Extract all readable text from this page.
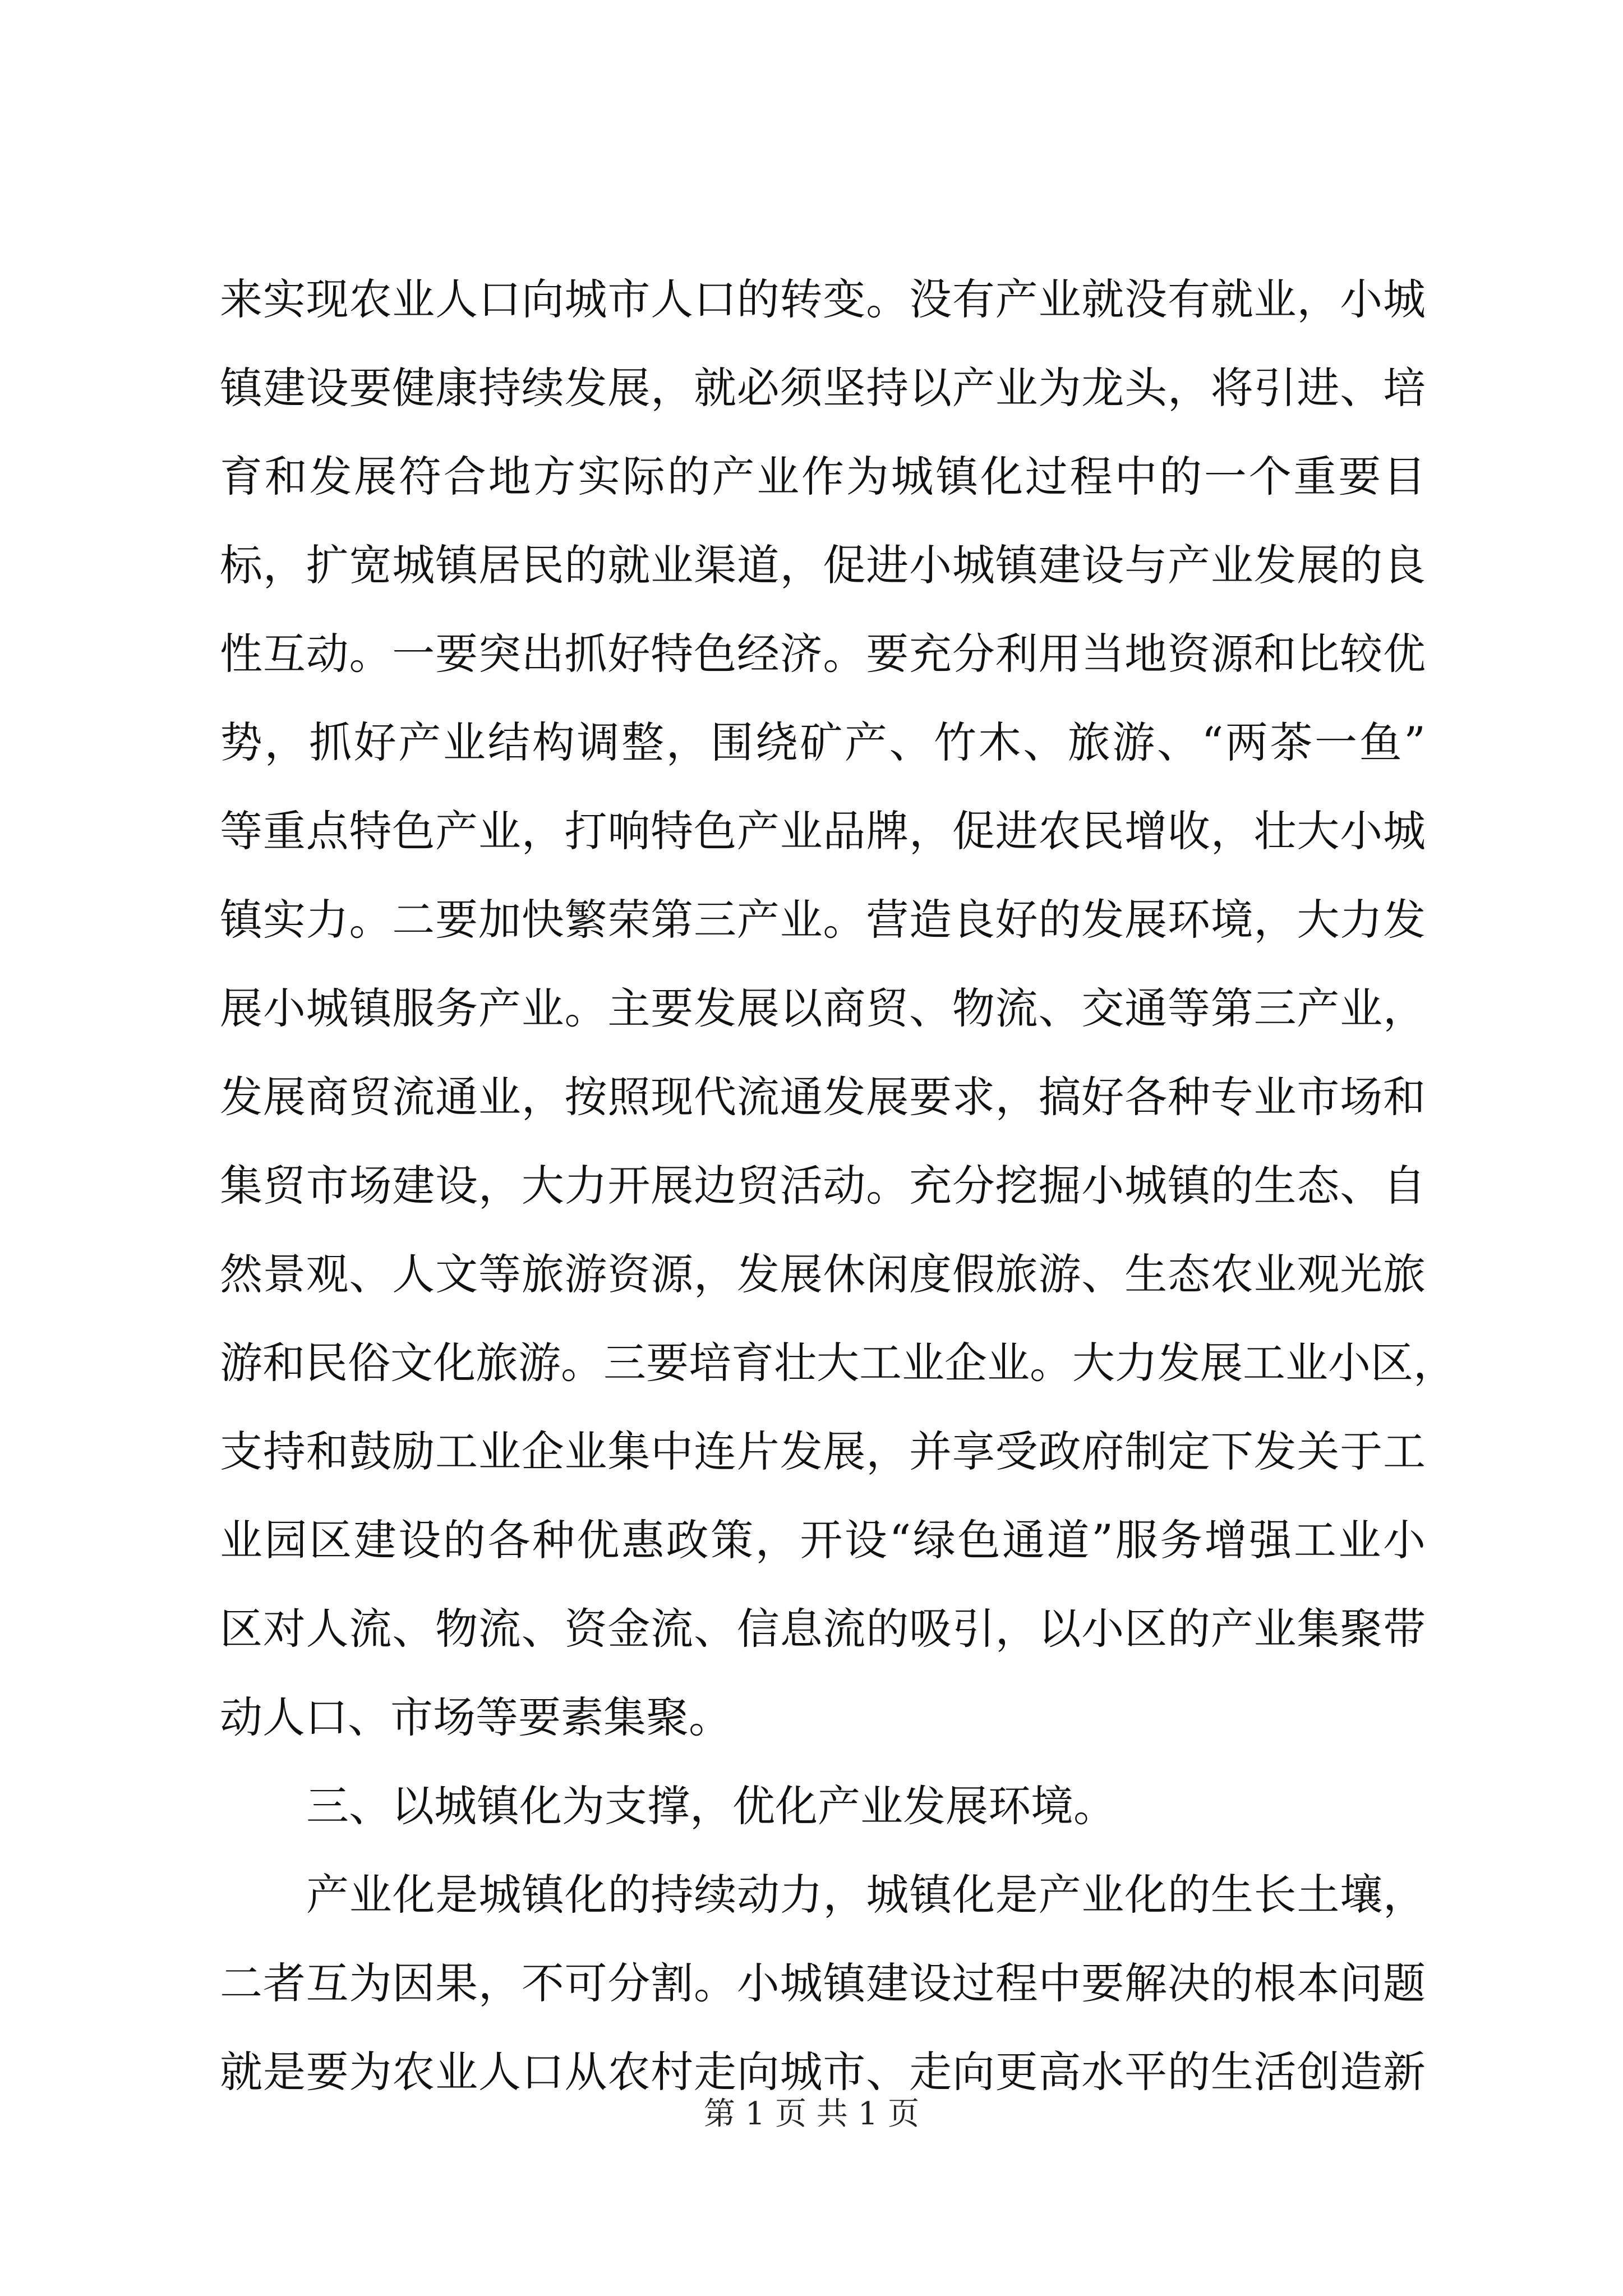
来实现农业人口向城市人口的转变。没有产业就没有就业，小城
镇建设要健康持续发展，就必须坚持以产业为龙头，将引进、培
育和发展符合地方实际的产业作为城镇化过程中的一个重要目
标，扩宽城镇居民的就业渠道，促进小城镇建设与产业发展的良
性互动。一要突出抓好特色经济。要充分利用当地资源和比较优
势，抓好产业结构调整，围绕矿产、竹木、旅游、“两茶一鱼”
等重点特色产业，打响特色产业品牌，促进农民增收，壮大小城
镇实力。二要加快繁荣第三产业。营造良好的发展环境，大力发
展小城镇服务产业。主要发展以商贸、物流、交通等第三产业，
发展商贸流通业，按照现代流通发展要求，搞好各种专业市场和
集贸市场建设，大力开展边贸活动。充分挖掘小城镇的生态、自
然景观、人文等旅游资源，发展休闲度假旅游、生态农业观光旅
游和民俗文化旅游。三要培育壮大工业企业。大力发展工业小区，
支持和鼓励工业企业集中连片发展，并享受政府制定下发关于工
业园区建设的各种优惠政策，开设“绿色通道”服务增强工业小
区对人流、物流、资金流、信息流的吸引，以小区的产业集聚带
动人口、市场等要素集聚。
三、以城镇化为支撑，优化产业发展环境。
产业化是城镇化的持续动力，城镇化是产业化的生长土壤，
二者互为因果，不可分割。小城镇建设过程中要解决的根本问题
就是要为农业人口从农村走向城市、走向更高水平的生活创造新
第 1 页 共 1 页
